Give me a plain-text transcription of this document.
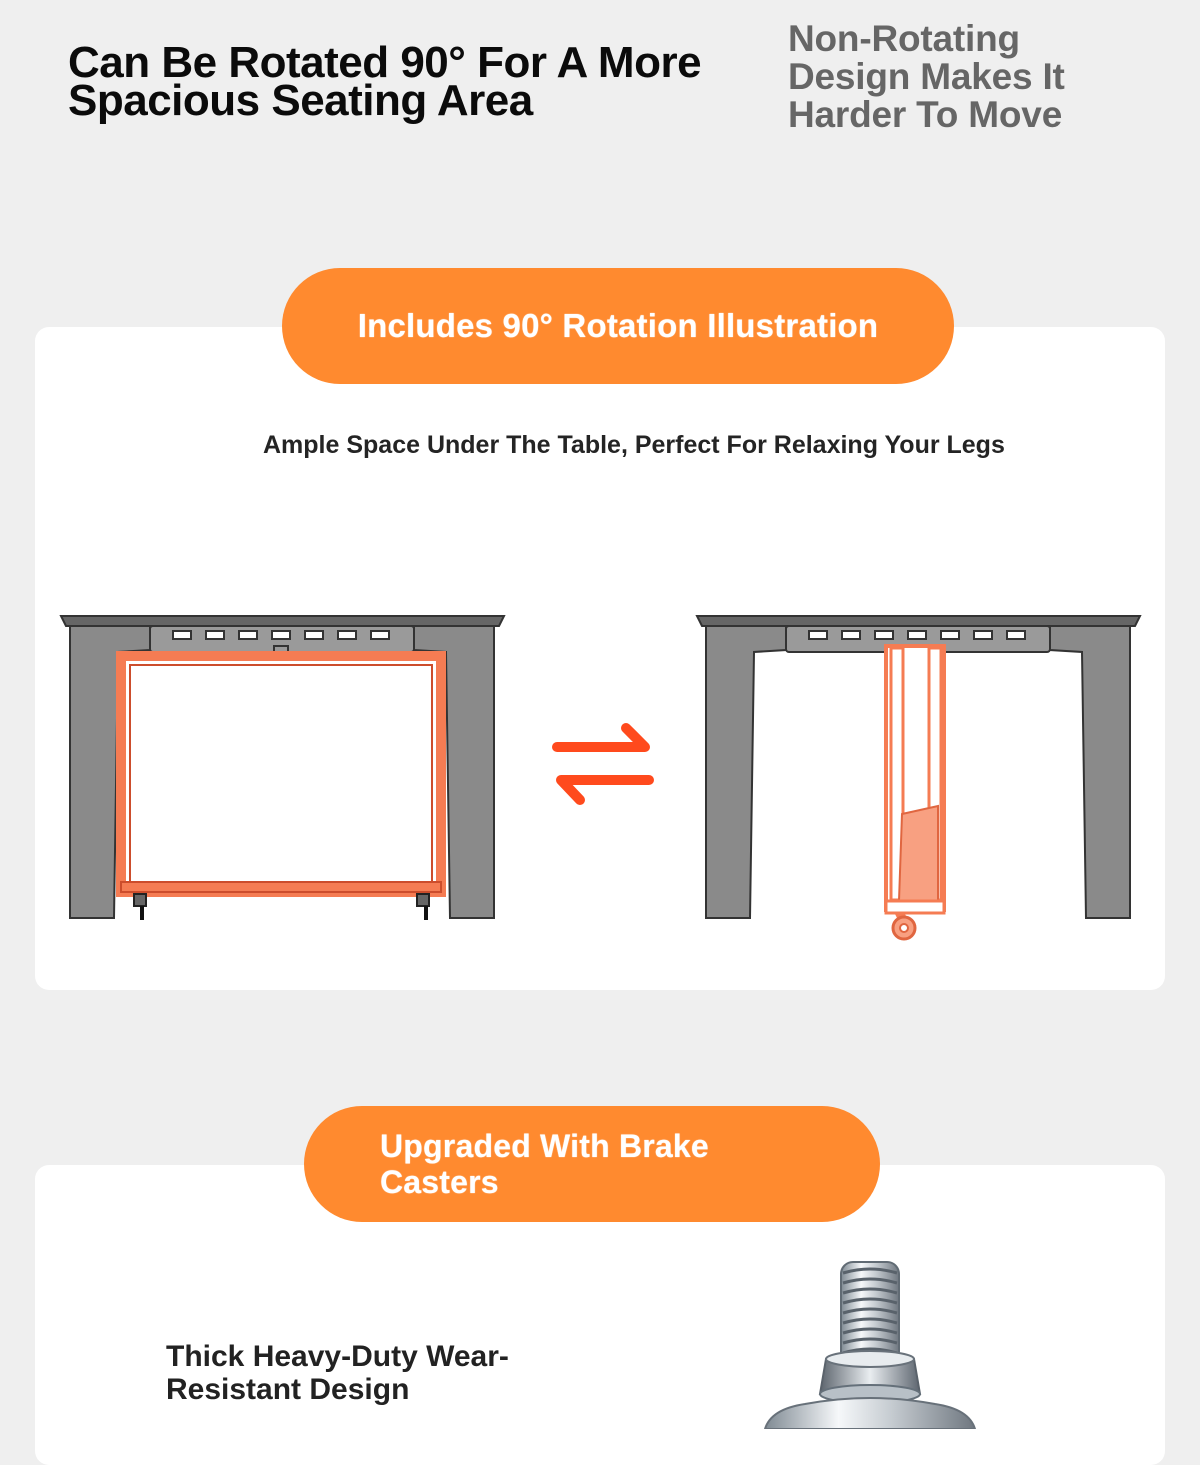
Can Be Rotated 90° For A More Spacious Seating Area
Non-Rotating Design Makes It Harder To Move
Includes 90° Rotation Illustration

Ample Space Under The Table, Perfect For Relaxing Your Legs

Upgraded With Brake Casters
Thick Heavy-Duty Wear-Resistant Design
